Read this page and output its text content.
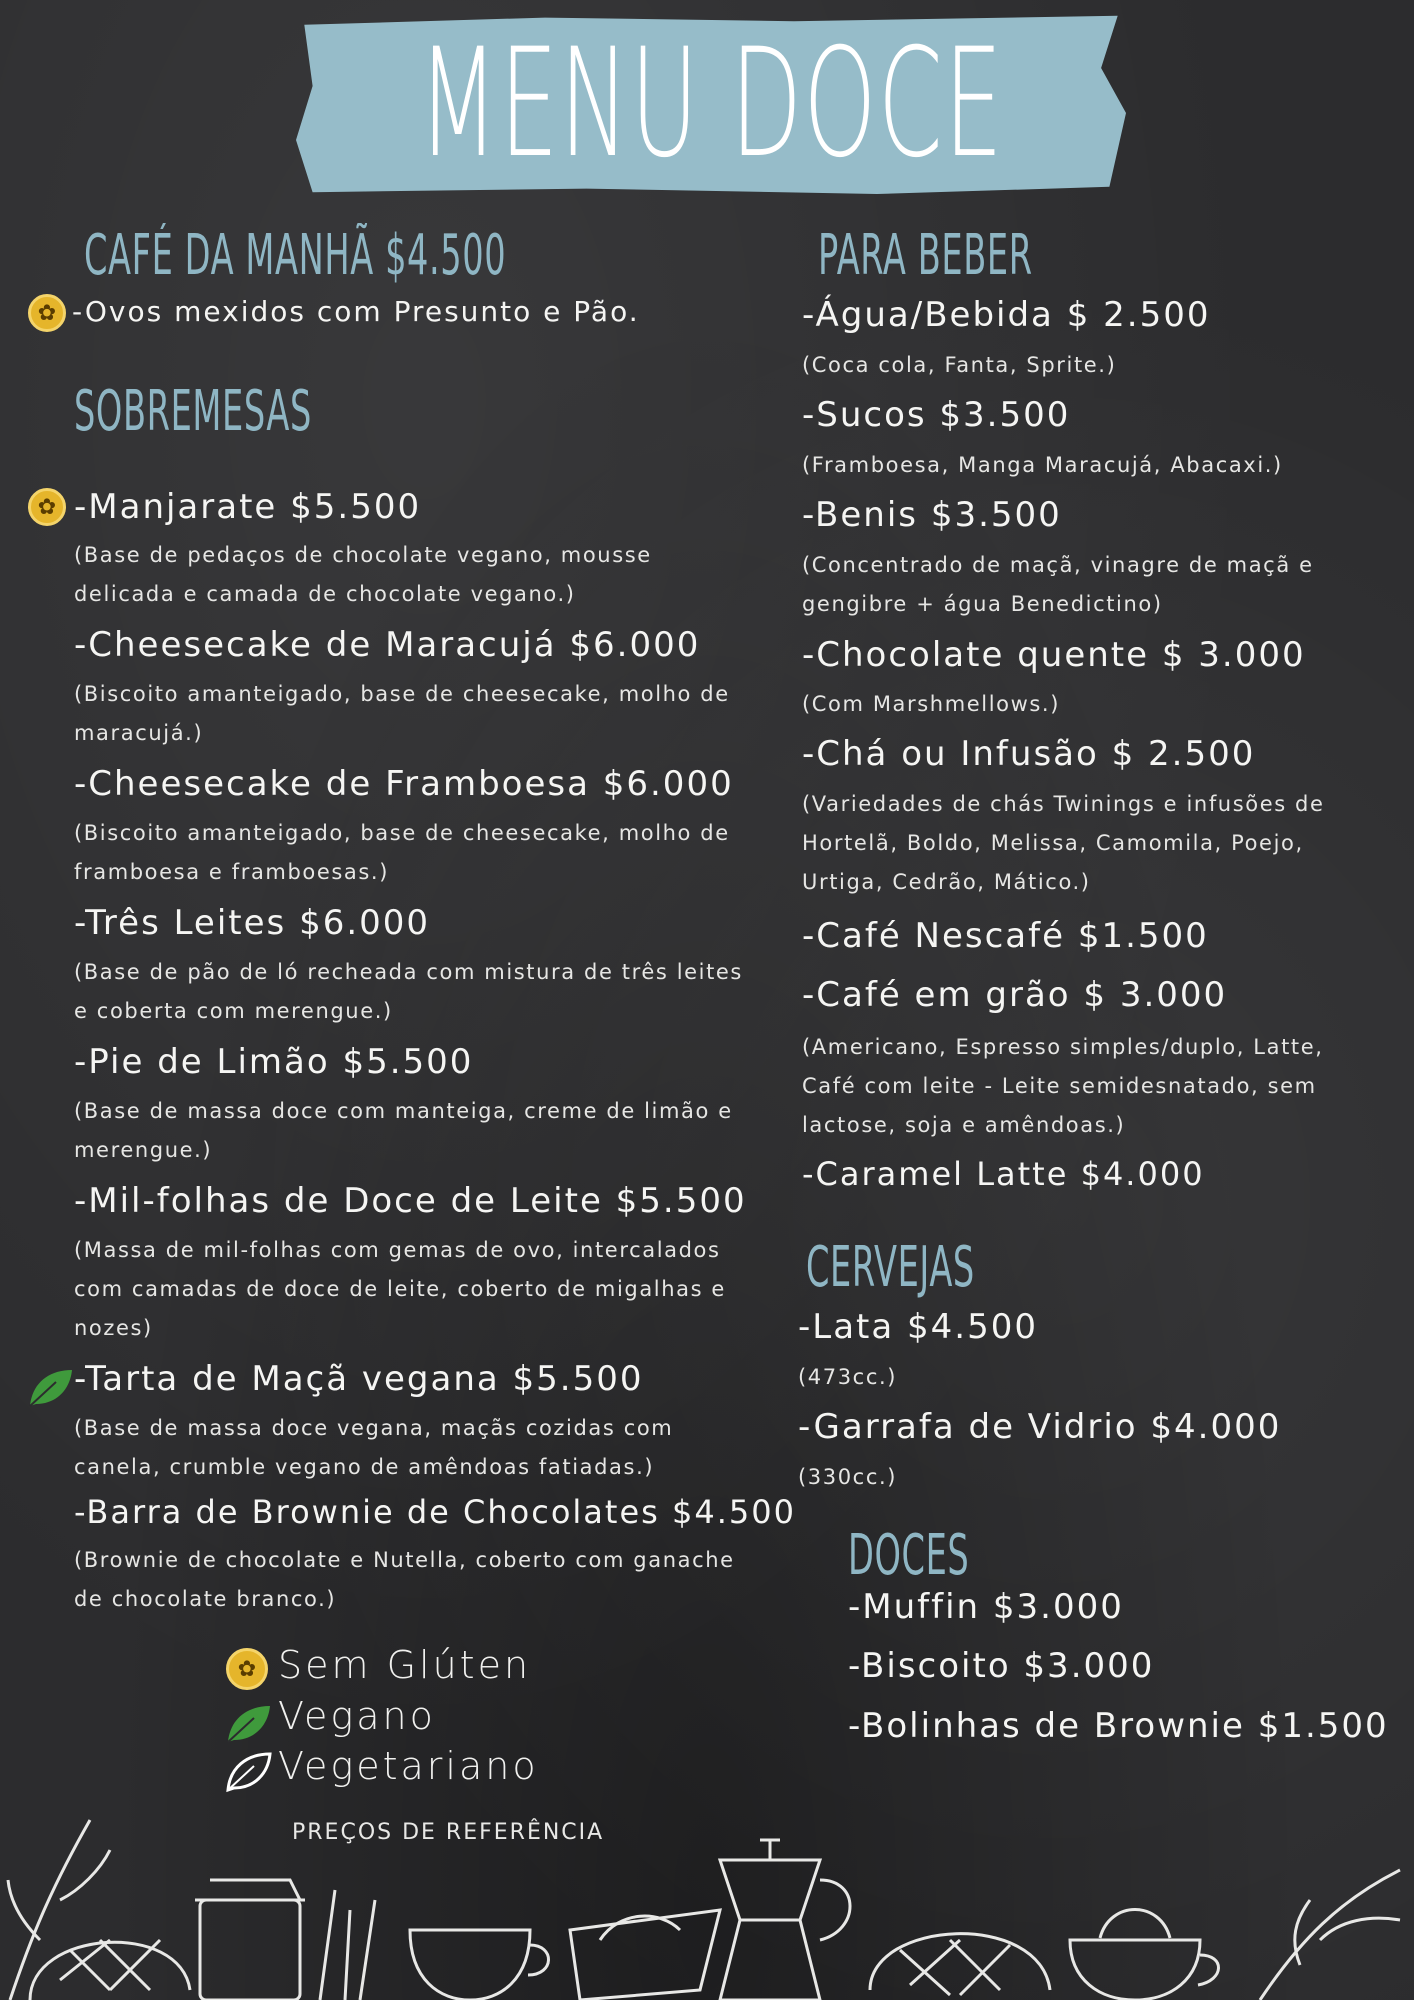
MENU DOCE
CAFÉ DA MANHÃ $4.500
✿ -Ovos mexidos com Presunto e Pão.
SOBREMESAS
✿ -Manjarate $5.500
(Base de pedaços de chocolate vegano, mousse
delicada e camada de chocolate vegano.)
-Cheesecake de Maracujá $6.000
(Biscoito amanteigado, base de cheesecake, molho de
maracujá.)
-Cheesecake de Framboesa $6.000
(Biscoito amanteigado, base de cheesecake, molho de
framboesa e framboesas.)
-Três Leites $6.000
(Base de pão de ló recheada com mistura de três leites
e coberta com merengue.)
-Pie de Limão $5.500
(Base de massa doce com manteiga, creme de limão e
merengue.)
-Mil-folhas de Doce de Leite $5.500
(Massa de mil-folhas com gemas de ovo, intercalados
com camadas de doce de leite, coberto de migalhas e
nozes)
-Tarta de Maçã vegana $5.500
(Base de massa doce vegana, maçãs cozidas com
canela, crumble vegano de amêndoas fatiadas.)
-Barra de Brownie de Chocolates $4.500
(Brownie de chocolate e Nutella, coberto com ganache
de chocolate branco.)
✿ Sem Glúten
Vegano
Vegetariano
PREÇOS DE REFERÊNCIA
PARA BEBER
-Água/Bebida $ 2.500
(Coca cola, Fanta, Sprite.)
-Sucos $3.500
(Framboesa, Manga Maracujá, Abacaxi.)
-Benis $3.500
(Concentrado de maçã, vinagre de maçã e
gengibre + água Benedictino)
-Chocolate quente $ 3.000
(Com Marshmellows.)
-Chá ou Infusão $ 2.500
(Variedades de chás Twinings e infusões de
Hortelã, Boldo, Melissa, Camomila, Poejo,
Urtiga, Cedrão, Mático.)
-Café Nescafé $1.500
-Café em grão $ 3.000
(Americano, Espresso simples/duplo, Latte,
Café com leite - Leite semidesnatado, sem
lactose, soja e amêndoas.)
-Caramel Latte $4.000
CERVEJAS
-Lata $4.500
(473cc.)
-Garrafa de Vidrio $4.000
(330cc.)
DOCES
-Muffin $3.000
-Biscoito $3.000
-Bolinhas de Brownie $1.500
